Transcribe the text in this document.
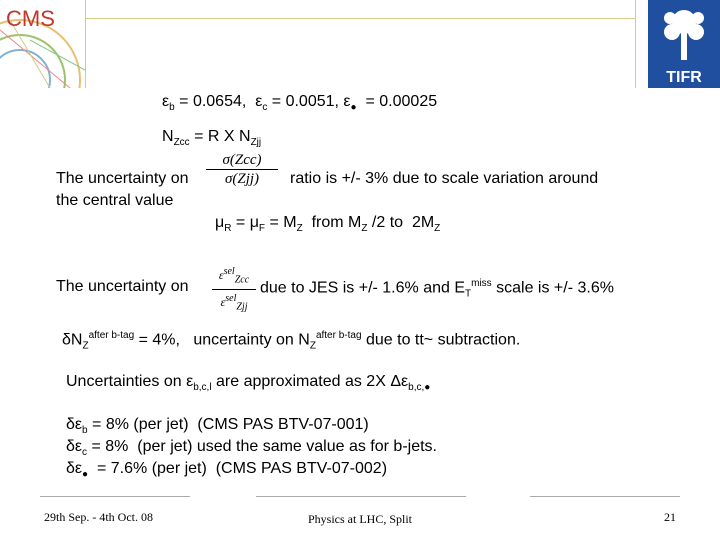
CMS
TIFR
$\varepsilon_b = 0.0654$,  $\varepsilon_c = 0.0051$, $\varepsilon_● = 0.00025$
$N_{Zcc} = R$ X $N_{Zjj}$
The uncertainty on
σ(Zcc)
σ(Zjj)	ratio is +/- 3% due to scale variation around
the central value
$\mu_R = \mu_F = M_Z$  from $M_Z$ /2 to  $2M_Z$
The uncertainty on
$\varepsilon^{sel}_{Zcc}$
$\varepsilon^{sel}_{Zjj}$
due to JES is +/- 1.6% and $E_T^{miss}$ scale is +/- 3.6%
$\delta N_Z^{after b-tag} = 4\%$,   uncertainty on $N_Z^{after b-tag}$ due to tt~ subtraction.
Uncertainties on $\varepsilon_{b,c,l}$ are approximated as 2X $\Delta\varepsilon_{b,c,●}$
$\delta\varepsilon_b = 8\%$ (per jet)  (CMS PAS BTV-07-001)
$\delta\varepsilon_c = 8\%$  (per jet) used the same value as for b-jets.
$\delta\varepsilon_● = 7.6\%$ (per jet)  (CMS PAS BTV-07-002)
29th Sep. - 4th Oct. 08	Physics at LHC, Split	21
